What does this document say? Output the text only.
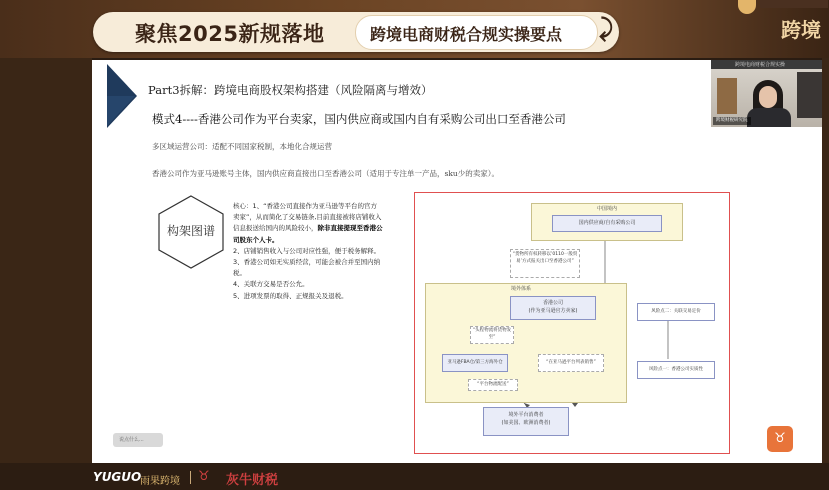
聚焦2025新规落地	跨境电商财税合规实操要点 ⤸	跨境
Part3拆解：跨境电商股权架构搭建（风险隔离与增效）
模式4----香港公司作为平台卖家，国内供应商或国内自有采购公司出口至香港公司
多区域运营公司：适配不同国家税制，本地化合规运营
香港公司作为亚马逊账号主体，国内供应商直接出口至香港公司（适用于专注单一产品，sku少的卖家）。
构架图谱
核心：1、“香港公司直接作为亚马逊等平台的官方卖家”，从而简化了交易链条,目前直接被将店铺收入信息报送给国内的风险较小，除非直接提现至香港公司股东个人卡。
2、店铺销售收入与公司对应性强，便于税务解释。
3、香港公司如无实质经营，可能会被合并至国内纳税。
4、关联方交易是否公允。
5、进项发票的取得、正规报关及退税。
中国境内
国内供应商/自有采购公司
“货物所有权转移以’0110一般贸易’方式报关出口至香港公司”
境外体系
香港公司
(作为亚马逊官方卖家)
“头程物流将货物发至”
亚马逊FBA仓/第三方海外仓	“在亚马逊平台列表销售”
“平台物流配送”
境外平台消费者
(如美国、欧洲消费者)
风险点二：关联交易定价
风险点一：香港公司实质性
说点什么...	♉
跨境电商财税合规实操
跨境财税研究院
YUGUO
雨果跨境 ♉ 灰牛财税
